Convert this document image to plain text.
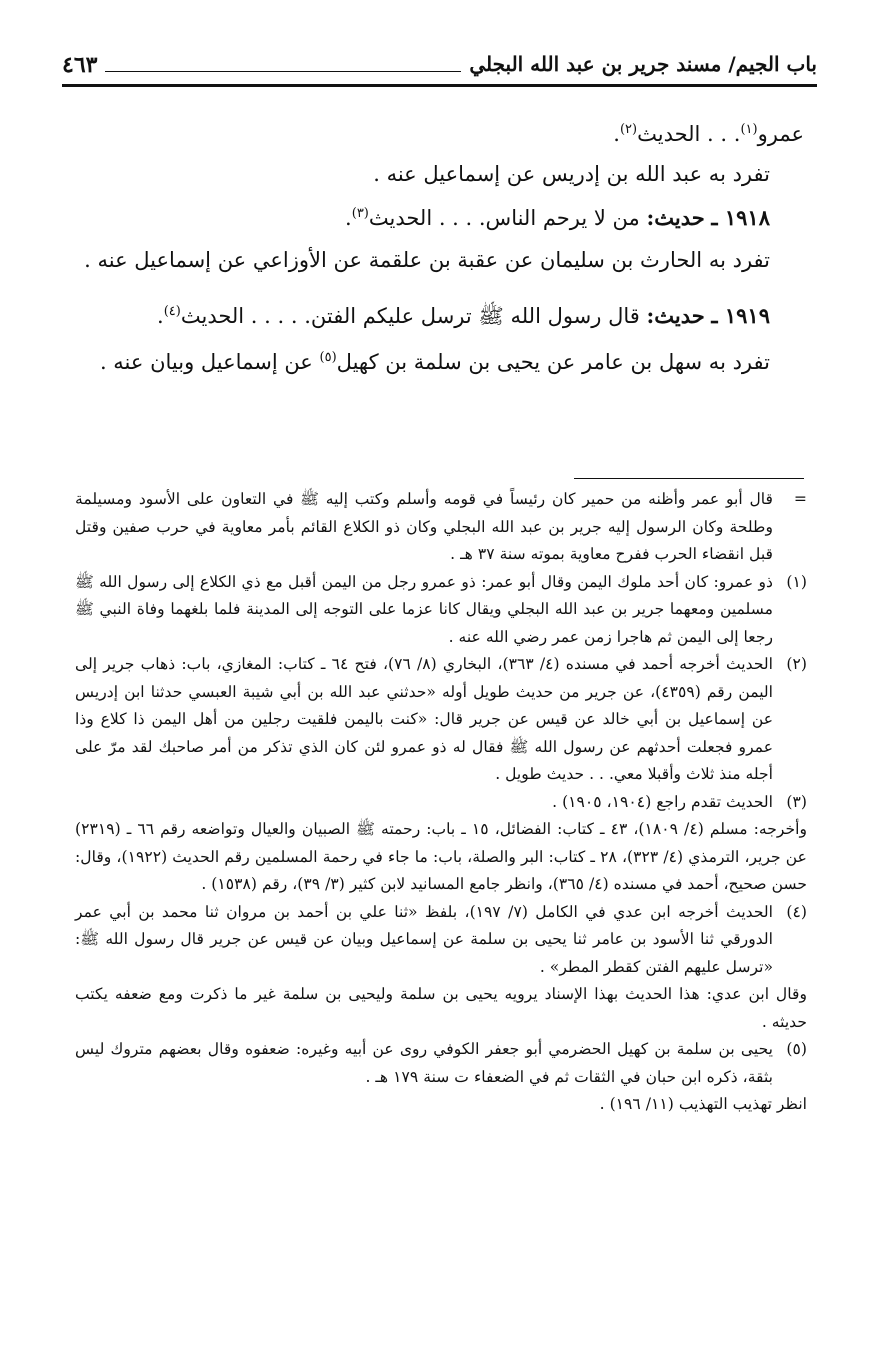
باب الجيم/ مسند جرير بن عبد الله البجلي
٤٦٣

عمرو$^{(١)}$. . . الحديث$^{(٢)}$.

تفرد به عبد الله بن إدريس عن إسماعيل عنه .

١٩١٨ ـ حديث: من لا يرحم الناس. . . . الحديث$^{(٣)}$.

تفرد به الحارث بن سليمان عن عقبة بن علقمة عن الأوزاعي عن إسماعيل عنه .

١٩١٩ ـ حديث: قال رسول الله ﷺ ترسل عليكم الفتن. . . . . الحديث$^{(٤)}$.

تفرد به سهل بن عامر عن يحيى بن سلمة بن كهيل$^{(٥)}$ عن إسماعيل وبيان عنه .

=
قال أبو عمر وأظنه من حمير كان رئيساً في قومه وأسلم وكتب إليه ﷺ في التعاون على الأسود ومسيلمة وطلحة وكان الرسول إليه جرير بن عبد الله البجلي وكان ذو الكلاع القائم بأمر معاوية في حرب صفين وقتل قبل انقضاء الحرب ففرح معاوية بموته سنة ٣٧ هـ .
(١)
ذو عمرو: كان أحد ملوك اليمن وقال أبو عمر: ذو عمرو رجل من اليمن أقبل مع ذي الكلاع إلى رسول الله ﷺ مسلمين ومعهما جرير بن عبد الله البجلي ويقال كانا عزما على التوجه إلى المدينة فلما بلغهما وفاة النبي ﷺ رجعا إلى اليمن ثم هاجرا زمن عمر رضي الله عنه .
(٢)
الحديث أخرجه أحمد في مسنده (٤/ ٣٦٣)، البخاري (٨/ ٧٦)، فتح ٦٤ ـ كتاب: المغازي، باب: ذهاب جرير إلى اليمن رقم (٤٣٥٩)، عن جرير من حديث طويل أوله «حدثني عبد الله بن أبي شيبة العبسي حدثنا ابن إدريس عن إسماعيل بن أبي خالد عن قيس عن جرير قال: «كنت باليمن فلقيت رجلين من أهل اليمن ذا كلاع وذا عمرو فجعلت أحدثهم عن رسول الله ﷺ فقال له ذو عمرو لئن كان الذي تذكر من أمر صاحبك لقد مرّ على أجله منذ ثلاث وأقبلا معي. . . حديث طويل .
(٣)
الحديث تقدم راجع (١٩٠٤، ١٩٠٥) .
وأخرجه: مسلم (٤/ ١٨٠٩)، ٤٣ ـ كتاب: الفضائل، ١٥ ـ باب: رحمته ﷺ الصبيان والعيال وتواضعه رقم ٦٦ ـ (٢٣١٩) عن جرير، الترمذي (٤/ ٣٢٣)، ٢٨ ـ كتاب: البر والصلة، باب: ما جاء في رحمة المسلمين رقم الحديث (١٩٢٢)، وقال: حسن صحيح، أحمد في مسنده (٤/ ٣٦٥)، وانظر جامع المسانيد لابن كثير (٣/ ٣٩)، رقم (١٥٣٨) .
(٤)
الحديث أخرجه ابن عدي في الكامل (٧/ ١٩٧)، بلفظ «ثنا علي بن أحمد بن مروان ثنا محمد بن أبي عمر الدورقي ثنا الأسود بن عامر ثنا يحيى بن سلمة عن إسماعيل وبيان عن قيس عن جرير قال رسول الله ﷺ: «ترسل عليهم الفتن كقطر المطر» .
وقال ابن عدي: هذا الحديث بهذا الإسناد يرويه يحيى بن سلمة وليحيى بن سلمة غير ما ذكرت ومع ضعفه يكتب حديثه .
(٥)
يحيى بن سلمة بن كهيل الحضرمي أبو جعفر الكوفي روى عن أبيه وغيره: ضعفوه وقال بعضهم متروك ليس بثقة، ذكره ابن حبان في الثقات ثم في الضعفاء ت سنة ١٧٩ هـ .
انظر تهذيب التهذيب (١١/ ١٩٦) .
